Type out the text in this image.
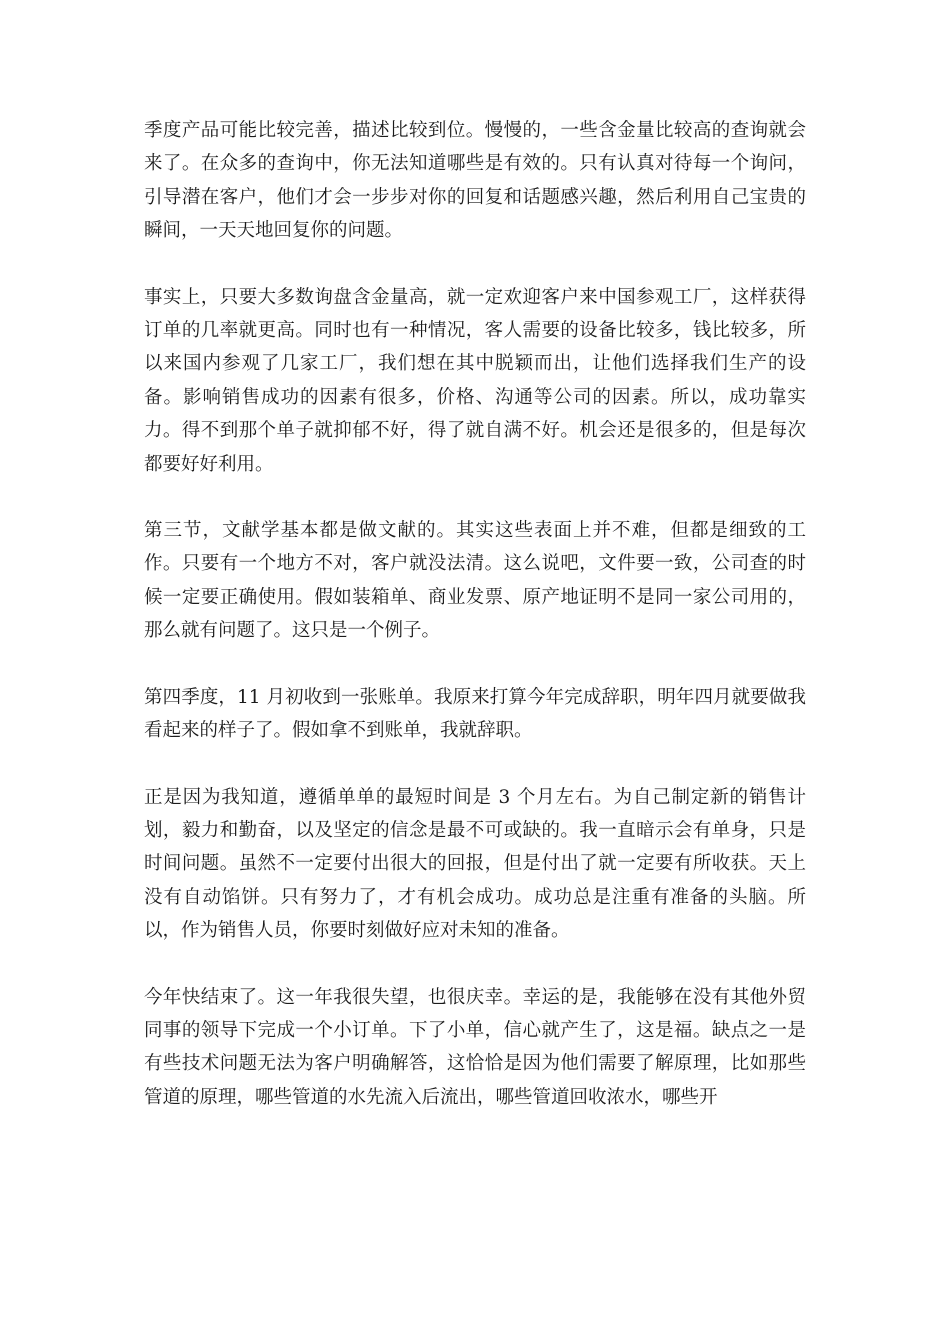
季度产品可能比较完善，描述比较到位。慢慢的，一些含金量比较高的查询就会来了。在众多的查询中，你无法知道哪些是有效的。只有认真对待每一个询问，引导潜在客户，他们才会一步步对你的回复和话题感兴趣，然后利用自己宝贵的瞬间，一天天地回复你的问题。

事实上，只要大多数询盘含金量高，就一定欢迎客户来中国参观工厂，这样获得订单的几率就更高。同时也有一种情况，客人需要的设备比较多，钱比较多，所以来国内参观了几家工厂，我们想在其中脱颖而出，让他们选择我们生产的设备。影响销售成功的因素有很多，价格、沟通等公司的因素。所以，成功靠实力。得不到那个单子就抑郁不好，得了就自满不好。机会还是很多的，但是每次都要好好利用。

第三节，文献学基本都是做文献的。其实这些表面上并不难，但都是细致的工作。只要有一个地方不对，客户就没法清。这么说吧，文件要一致，公司查的时候一定要正确使用。假如装箱单、商业发票、原产地证明不是同一家公司用的，那么就有问题了。这只是一个例子。

第四季度，11 月初收到一张账单。我原来打算今年完成辞职，明年四月就要做我看起来的样子了。假如拿不到账单，我就辞职。

正是因为我知道，遵循单单的最短时间是 3 个月左右。为自己制定新的销售计划，毅力和勤奋，以及坚定的信念是最不可或缺的。我一直暗示会有单身，只是时间问题。虽然不一定要付出很大的回报，但是付出了就一定要有所收获。天上没有自动馅饼。只有努力了，才有机会成功。成功总是注重有准备的头脑。所以，作为销售人员，你要时刻做好应对未知的准备。

今年快结束了。这一年我很失望，也很庆幸。幸运的是，我能够在没有其他外贸同事的领导下完成一个小订单。下了小单，信心就产生了，这是福。缺点之一是有些技术问题无法为客户明确解答，这恰恰是因为他们需要了解原理，比如那些管道的原理，哪些管道的水先流入后流出，哪些管道回收浓水，哪些开
